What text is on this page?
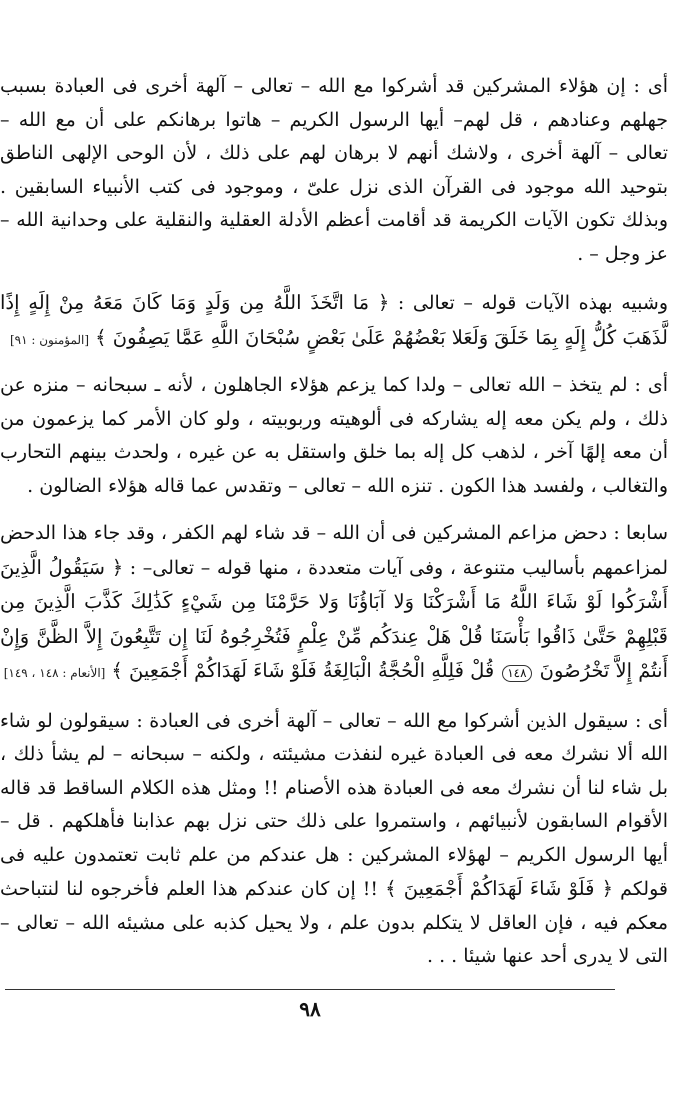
أى : إن هؤلاء المشركين قد أشركوا مع الله – تعالى – آلهة أخرى فى العبادة بسبب جهلهم وعنادهم ، قل لهم– أيها الرسول الكريم – هاتوا برهانكم على أن مع الله – تعالى – آلهة أخرى ، ولاشك أنهم لا برهان لهم على ذلك ، لأن الوحى الإلهى الناطق بتوحيد الله موجود فى القرآن الذى نزل علىّ ، وموجود فى كتب الأنبياء السابقين . وبذلك تكون الآيات الكريمة قد أقامت أعظم الأدلة العقلية والنقلية على وحدانية الله – عز وجل – .

وشبيه بهذه الآيات قوله – تعالى : ﴿ مَا اتَّخَذَ اللَّهُ مِن وَلَدٍ وَمَا كَانَ مَعَهُ مِنْ إِلَهٍ إِذًا لَّذَهَبَ كُلُّ إِلَهٍ بِمَا خَلَقَ وَلَعَلا بَعْضُهُمْ عَلَىٰ بَعْضٍ سُبْحَانَ اللَّهِ عَمَّا يَصِفُونَ ﴾ [المؤمنون : ٩١]

أى : لم يتخذ – الله تعالى – ولدا كما يزعم هؤلاء الجاهلون ، لأنه ـ سبحانه – منزه عن ذلك ، ولم يكن معه إله يشاركه فى ألوهيته وربوبيته ، ولو كان الأمر كما يزعمون من أن معه إلهًا آخر ، لذهب كل إله بما خلق واستقل به عن غيره ، ولحدث بينهم التحارب والتغالب ، ولفسد هذا الكون . تنزه الله – تعالى – وتقدس عما قاله هؤلاء الضالون .

سابعا : دحض مزاعم المشركين فى أن الله – قد شاء لهم الكفر ، وقد جاء هذا الدحض لمزاعمهم بأساليب متنوعة ، وفى آيات متعددة ، منها قوله – تعالى– : ﴿ سَيَقُولُ الَّذِينَ أَشْرَكُوا لَوْ شَاءَ اللَّهُ مَا أَشْرَكْنَا وَلا آبَاؤُنَا وَلا حَرَّمْنَا مِن شَيْءٍ كَذَٰلِكَ كَذَّبَ الَّذِينَ مِن قَبْلِهِمْ حَتَّىٰ ذَاقُوا بَأْسَنَا قُلْ هَلْ عِندَكُم مِّنْ عِلْمٍ فَتُخْرِجُوهُ لَنَا إِن تَتَّبِعُونَ إِلاَّ الظَّنَّ وَإِنْ أَنتُمْ إِلاَّ تَخْرُصُونَ ١٤٨ قُلْ فَلِلَّهِ الْحُجَّةُ الْبَالِغَةُ فَلَوْ شَاءَ لَهَدَاكُمْ أَجْمَعِينَ ﴾ [الأنعام : ١٤٨ ، ١٤٩]

أى : سيقول الذين أشركوا مع الله – تعالى – آلهة أخرى فى العبادة : سيقولون لو شاء الله ألا نشرك معه فى العبادة غيره لنفذت مشيئته ، ولكنه – سبحانه – لم يشأ ذلك ، بل شاء لنا أن نشرك معه فى العبادة هذه الأصنام !! ومثل هذه الكلام الساقط قد قاله الأقوام السابقون لأنبيائهم ، واستمروا على ذلك حتى نزل بهم عذابنا فأهلكهم . قل – أيها الرسول الكريم – لهؤلاء المشركين : هل عندكم من علم ثابت تعتمدون عليه فى قولكم ﴿ فَلَوْ شَاءَ لَهَدَاكُمْ أَجْمَعِينَ ﴾ !! إن كان عندكم هذا العلم فأخرجوه لنا لنتباحث معكم فيه ، فإن العاقل لا يتكلم بدون علم ، ولا يحيل كذبه على مشيئه الله – تعالى – التى لا يدرى أحد عنها شيئا . . .

٩٨
